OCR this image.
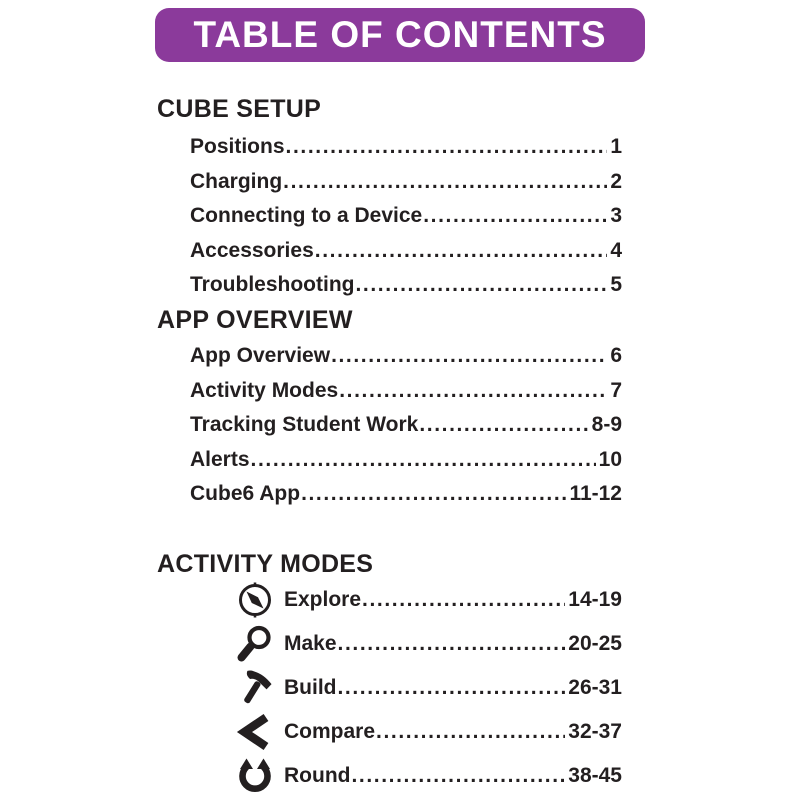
TABLE OF CONTENTS
CUBE SETUP
Positions .....	1
Charging .....	2
Connecting to a Device .....	3
Accessories .....	4
Troubleshooting .....	5
APP OVERVIEW
App Overview .....	6
Activity Modes .....	7
Tracking Student Work .....	8-9
Alerts .....	10
Cube6 App .....	11-12
ACTIVITY MODES
Explore .....	14-19
Make .....	20-25
Build .....	26-31
Compare .....	32-37
Round .....	38-45
